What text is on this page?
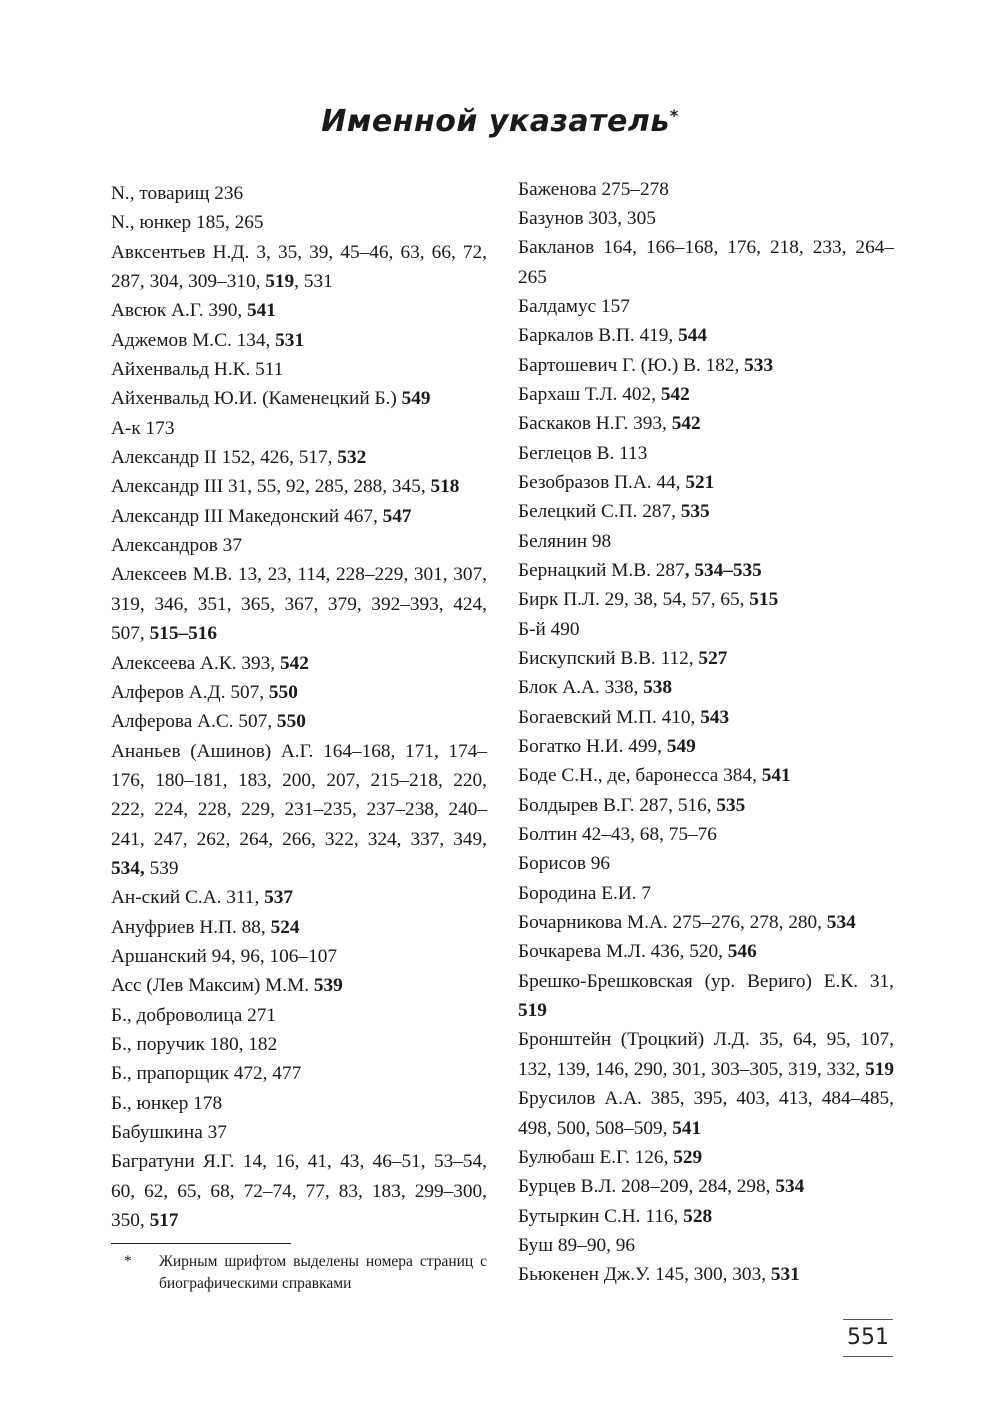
Именной указатель*

N., товарищ 236

N., юнкер 185, 265

Авксентьев Н.Д. 3, 35, 39, 45–46, 63, 66, 72, 287, 304, 309–310, 519, 531

Авсюк А.Г. 390, 541

Аджемов М.С. 134, 531

Айхенвальд Н.К. 511

Айхенвальд Ю.И. (Каменецкий Б.) 549

А-к 173

Александр II 152, 426, 517, 532

Александр III 31, 55, 92, 285, 288, 345, 518

Александр III Македонский 467, 547

Александров 37

Алексеев М.В. 13, 23, 114, 228–229, 301, 307, 319, 346, 351, 365, 367, 379, 392–393, 424, 507, 515–516

Алексеева А.К. 393, 542

Алферов А.Д. 507, 550

Алферова А.С. 507, 550

Ананьев (Ашинов) А.Г. 164–168, 171, 174–176, 180–181, 183, 200, 207, 215–218, 220, 222, 224, 228, 229, 231–235, 237–238, 240–241, 247, 262, 264, 266, 322, 324, 337, 349, 534, 539

Ан-ский С.А. 311, 537

Ануфриев Н.П. 88, 524

Аршанский 94, 96, 106–107

Асс (Лев Максим) М.М. 539

Б., доброволица 271

Б., поручик 180, 182

Б., прапорщик 472, 477

Б., юнкер 178

Бабушкина 37

Багратуни Я.Г. 14, 16, 41, 43, 46–51, 53–54, 60, 62, 65, 68, 72–74, 77, 83, 183, 299–300, 350, 517

Баженова 275–278

Базунов 303, 305

Бакланов 164, 166–168, 176, 218, 233, 264–265

Балдамус 157

Баркалов В.П. 419, 544

Бартошевич Г. (Ю.) В. 182, 533

Бархаш Т.Л. 402, 542

Баскаков Н.Г. 393, 542

Беглецов В. 113

Безобразов П.А. 44, 521

Белецкий С.П. 287, 535

Белянин 98

Бернацкий М.В. 287, 534–535

Бирк П.Л. 29, 38, 54, 57, 65, 515

Б-й 490

Бискупский В.В. 112, 527

Блок А.А. 338, 538

Богаевский М.П. 410, 543

Богатко Н.И. 499, 549

Боде С.Н., де, баронесса 384, 541

Болдырев В.Г. 287, 516, 535

Болтин 42–43, 68, 75–76

Борисов 96

Бородина Е.И. 7

Бочарникова М.А. 275–276, 278, 280, 534

Бочкарева М.Л. 436, 520, 546

Брешко-Брешковская (ур. Вериго) Е.К. 31, 519

Бронштейн (Троцкий) Л.Д. 35, 64, 95, 107, 132, 139, 146, 290, 301, 303–305, 319, 332, 519

Брусилов А.А. 385, 395, 403, 413, 484–485, 498, 500, 508–509, 541

Булюбаш Е.Г. 126, 529

Бурцев В.Л. 208–209, 284, 298, 534

Бутыркин С.Н. 116, 528

Буш 89–90, 96

Бьюкенен Дж.У. 145, 300, 303, 531

* Жирным шрифтом выделены номера страниц с биографическими справками
551
